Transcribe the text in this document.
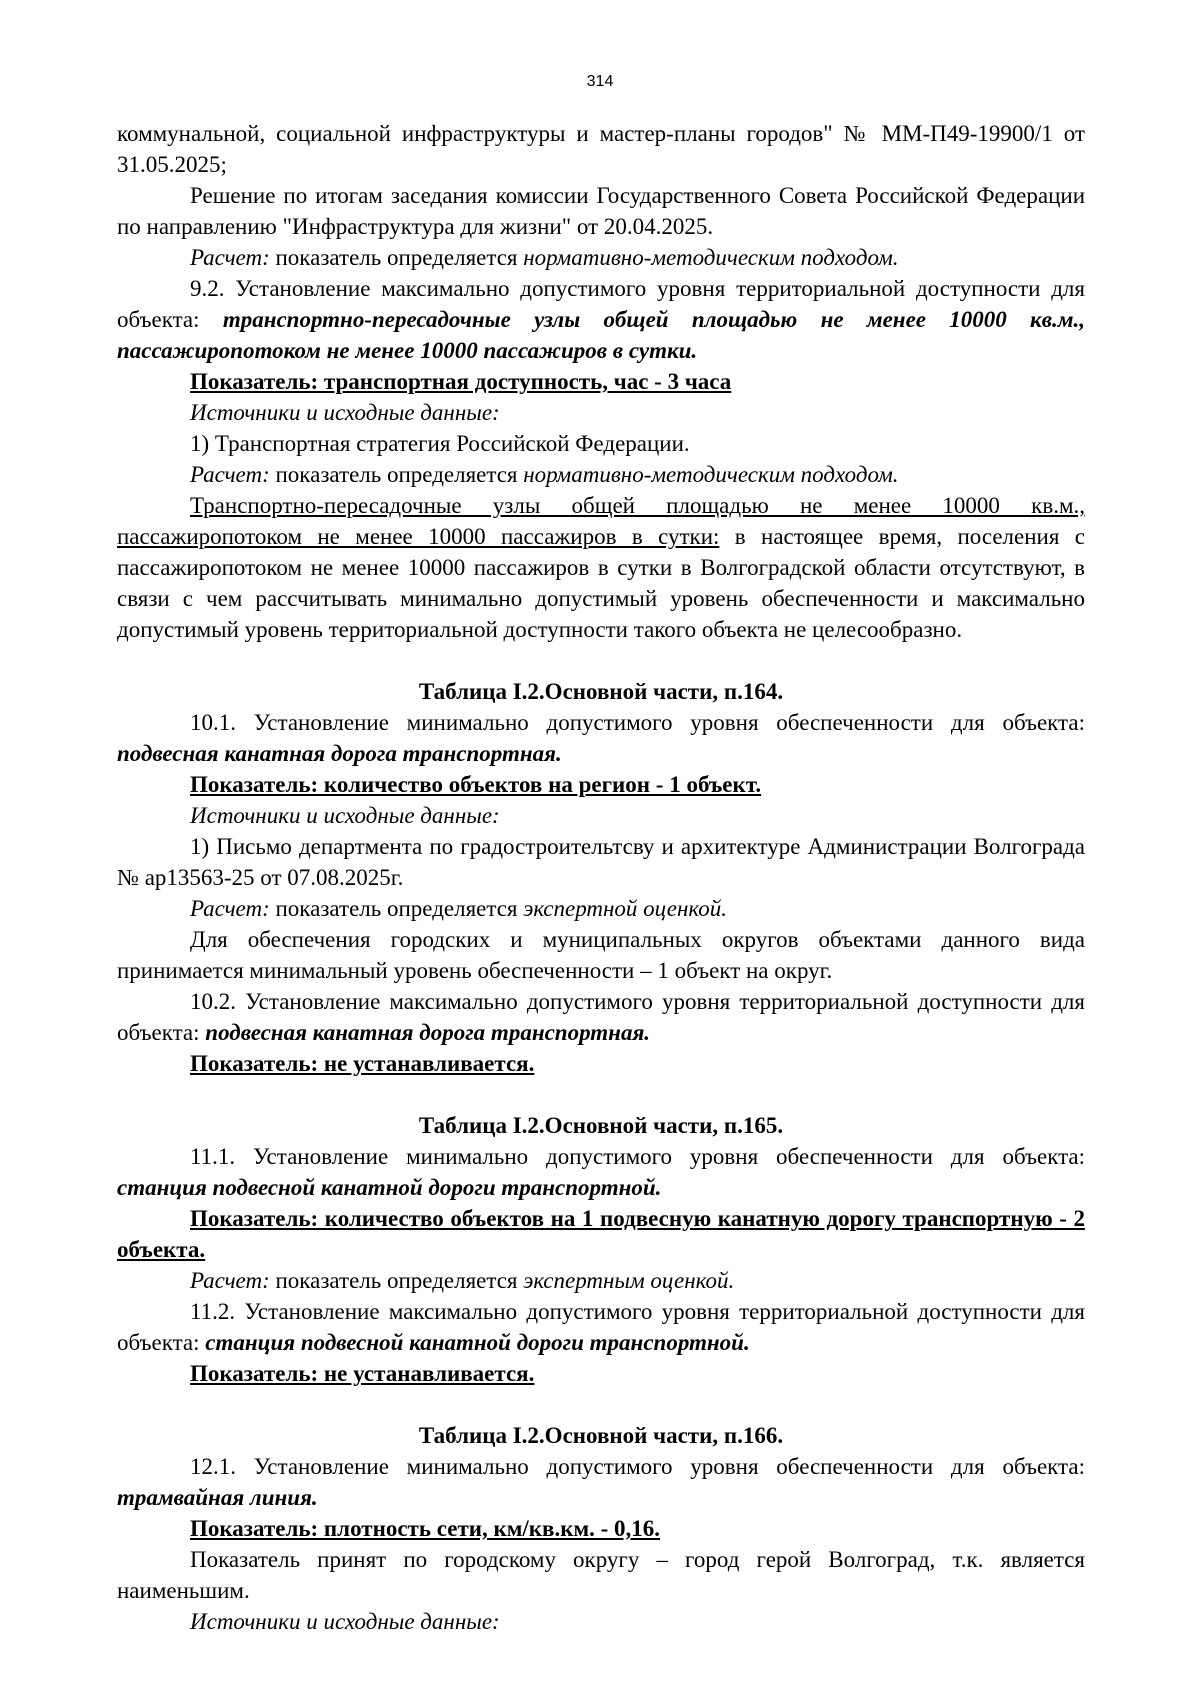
314

коммунальной, социальной инфраструктуры и мастер-планы городов" № ММ-П49-19900/1 от 31.05.2025;

Решение по итогам заседания комиссии Государственного Совета Российской Федерации по направлению "Инфраструктура для жизни" от 20.04.2025.

Расчет: показатель определяется нормативно-методическим подходом.

9.2. Установление максимально допустимого уровня территориальной доступности для объекта: транспортно-пересадочные узлы общей площадью не менее 10000 кв.м., пассажиропотоком не менее 10000 пассажиров в сутки.

Показатель: транспортная доступность, час - 3 часа

Источники и исходные данные:

1) Транспортная стратегия Российской Федерации.

Расчет: показатель определяется нормативно-методическим подходом.

Транспортно-пересадочные узлы общей площадью не менее 10000 кв.м., пассажиропотоком не менее 10000 пассажиров в сутки: в настоящее время, поселения с пассажиропотоком не менее 10000 пассажиров в сутки в Волгоградской области отсутствуют, в связи с чем рассчитывать минимально допустимый уровень обеспеченности и максимально допустимый уровень территориальной доступности такого объекта не целесообразно.

Таблица I.2.Основной части, п.164.

10.1. Установление минимально допустимого уровня обеспеченности для объекта: подвесная канатная дорога транспортная.

Показатель: количество объектов на регион - 1 объект.

Источники и исходные данные:

1) Письмо департмента по градостроительтсву и архитектуре Администрации Волгограда № ар13563-25 от 07.08.2025г.

Расчет: показатель определяется экспертной оценкой.

Для обеспечения городских и муниципальных округов объектами данного вида принимается минимальный уровень обеспеченности – 1 объект на округ.

10.2. Установление максимально допустимого уровня территориальной доступности для объекта: подвесная канатная дорога транспортная.

Показатель: не устанавливается.

Таблица I.2.Основной части, п.165.

11.1. Установление минимально допустимого уровня обеспеченности для объекта: станция подвесной канатной дороги транспортной.

Показатель: количество объектов на 1 подвесную канатную дорогу транспортную - 2 объекта.

Расчет: показатель определяется экспертным оценкой.

11.2. Установление максимально допустимого уровня территориальной доступности для объекта: станция подвесной канатной дороги транспортной.

Показатель: не устанавливается.

Таблица I.2.Основной части, п.166.

12.1. Установление минимально допустимого уровня обеспеченности для объекта: трамвайная линия.

Показатель: плотность сети, км/кв.км. - 0,16.

Показатель принят по городскому округу – город герой Волгоград, т.к. является наименьшим.

Источники и исходные данные:
